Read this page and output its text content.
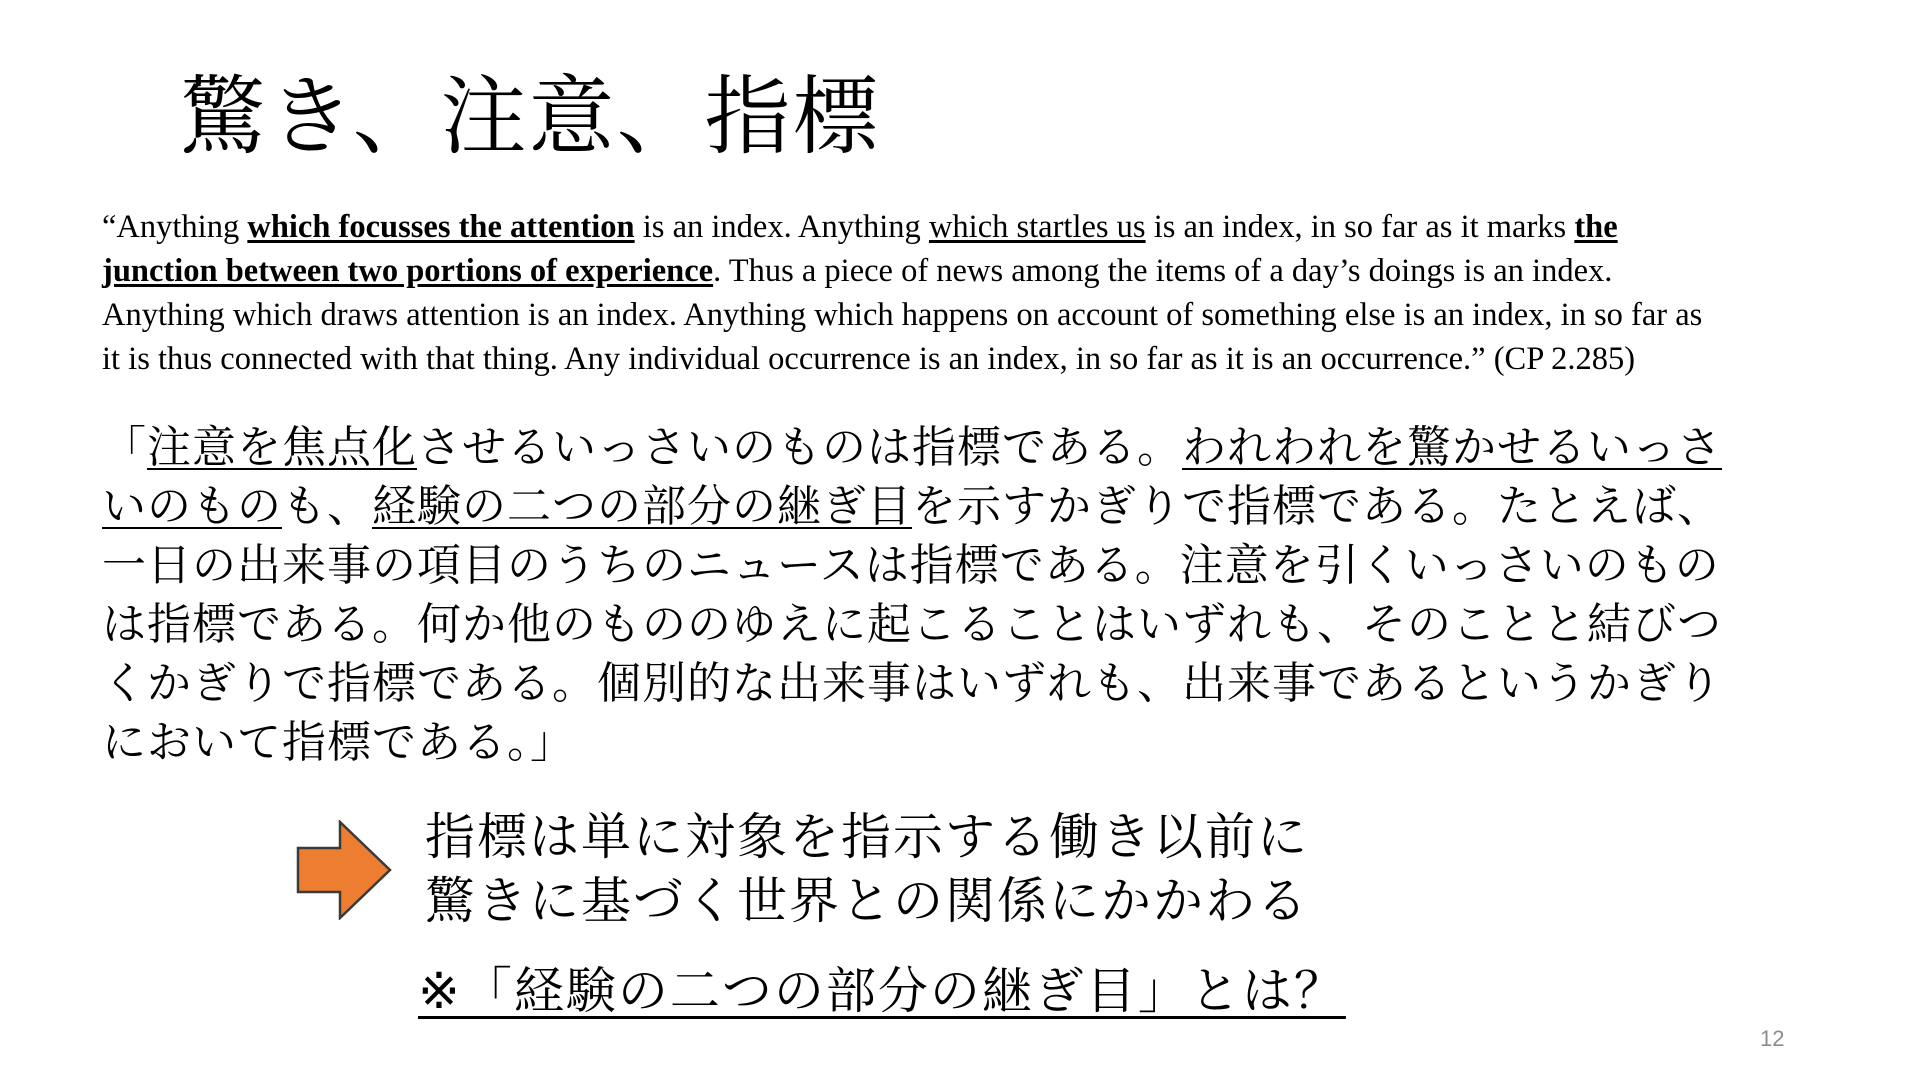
驚き、注意、指標
“Anything which focusses the attention is an index. Anything which startles us is an index, in so far as it marks the junction between two portions of experience. Thus a piece of news among the items of a day’s doings is an index. Anything which draws attention is an index. Anything which happens on account of something else is an index, in so far as it is thus connected with that thing. Any individual occurrence is an index, in so far as it is an occurrence.” (CP 2.285)
「注意を焦点化させるいっさいのものは指標である。われわれを驚かせるいっさいのものも、経験の二つの部分の継ぎ目を示すかぎりで指標である。たとえば、一日の出来事の項目のうちのニュースは指標である。注意を引くいっさいのものは指標である。何か他のもののゆえに起こることはいずれも、そのことと結びつくかぎりで指標である。個別的な出来事はいずれも、出来事であるというかぎりにおいて指標である。」
指標は単に対象を指示する働き以前に
驚きに基づく世界との関係にかかわる
※「経験の二つの部分の継ぎ目」とは？
12
